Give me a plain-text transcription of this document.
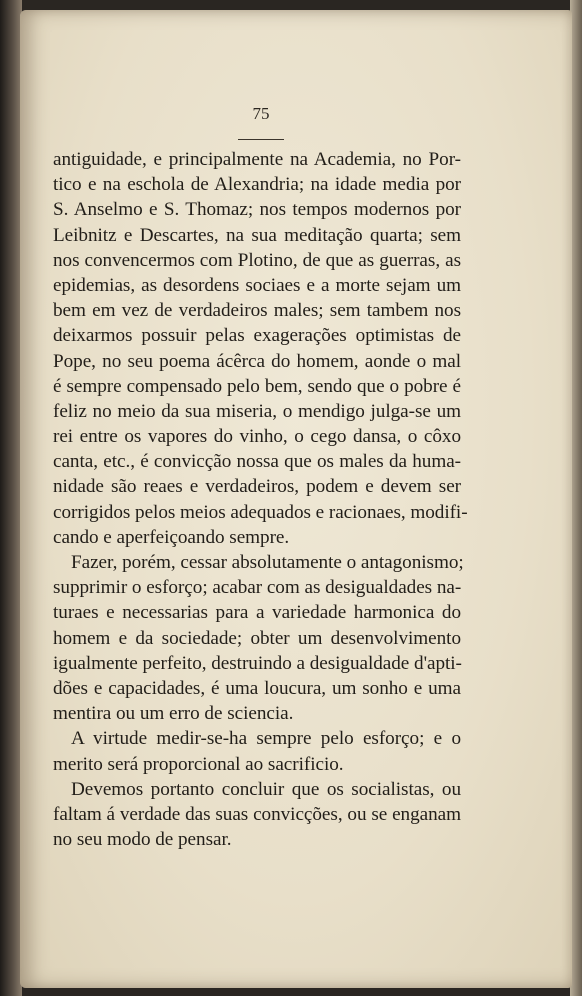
75
antiguidade, e principalmente na Academia, no Por-
tico e na eschola de Alexandria; na idade media por
S. Anselmo e S. Thomaz; nos tempos modernos por
Leibnitz e Descartes, na sua meditação quarta; sem
nos convencermos com Plotino, de que as guerras, as
epidemias, as desordens sociaes e a morte sejam um
bem em vez de verdadeiros males; sem tambem nos
deixarmos possuir pelas exagerações optimistas de
Pope, no seu poema ácêrca do homem, aonde o mal
é sempre compensado pelo bem, sendo que o pobre é
feliz no meio da sua miseria, o mendigo julga-se um
rei entre os vapores do vinho, o cego dansa, o côxo
canta, etc., é convicção nossa que os males da huma-
nidade são reaes e verdadeiros, podem e devem ser
corrigidos pelos meios adequados e racionaes, modifi-
cando e aperfeiçoando sempre.
Fazer, porém, cessar absolutamente o antagonismo;
supprimir o esforço; acabar com as desigualdades na-
turaes e necessarias para a variedade harmonica do
homem e da sociedade; obter um desenvolvimento
igualmente perfeito, destruindo a desigualdade d'apti-
dões e capacidades, é uma loucura, um sonho e uma
mentira ou um erro de sciencia.
A virtude medir-se-ha sempre pelo esforço; e o
merito será proporcional ao sacrificio.
Devemos portanto concluir que os socialistas, ou
faltam á verdade das suas convicções, ou se enganam
no seu modo de pensar.
